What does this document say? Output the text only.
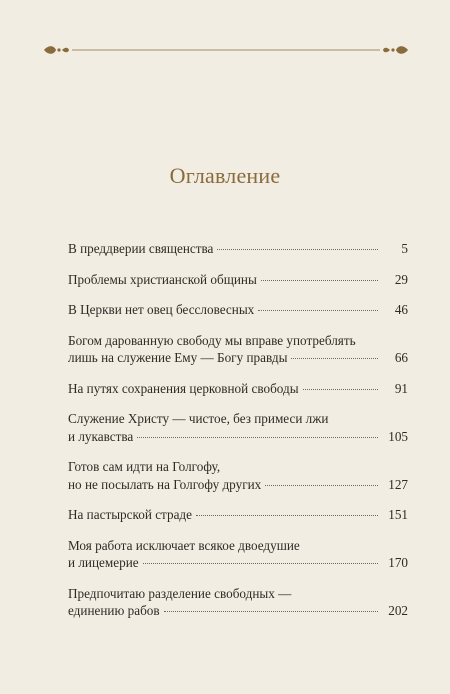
Оглавление
В преддверии священства	5
Проблемы христианской общины	29
В Церкви нет овец бессловесных	46
Богом дарованную свободу мы вправе употреблять
лишь на служение Ему — Богу правды	66
На путях сохранения церковной свободы	91
Служение Христу — чистое, без примеси лжи
и лукавства	105
Готов сам идти на Голгофу,
но не посылать на Голгофу других	127
На пастырской страде	151
Моя работа исключает всякое двоедушие
и лицемерие	170
Предпочитаю разделение свободных —
единению рабов	202
